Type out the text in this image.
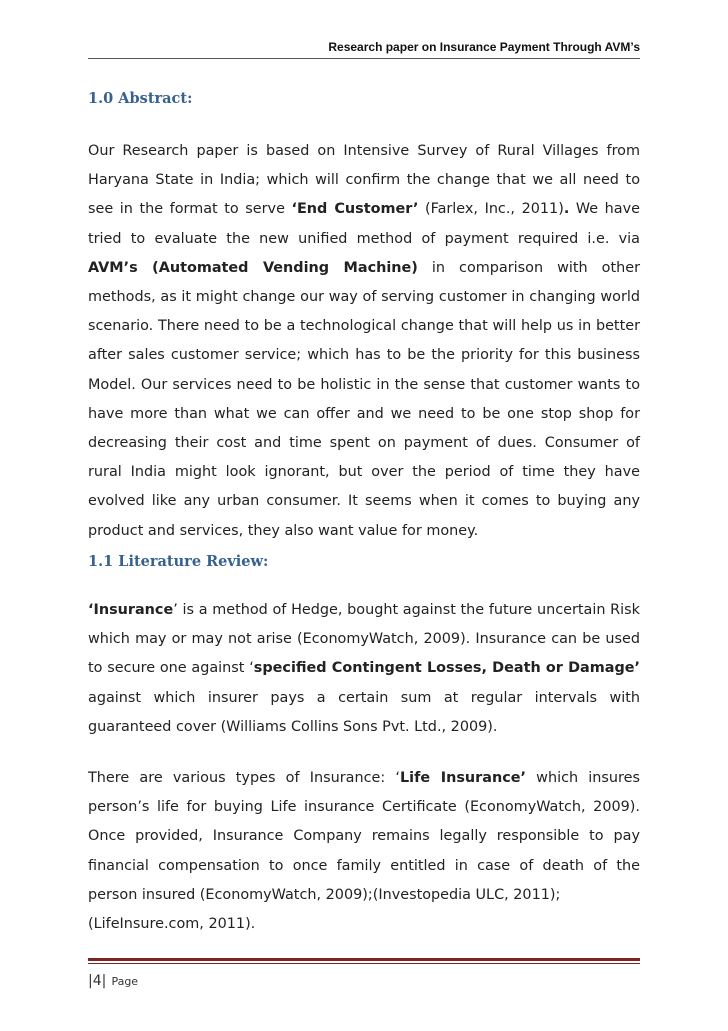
Research paper on Insurance Payment Through AVM’s
1.0 Abstract:

Our Research paper is based on Intensive Survey of Rural Villages from Haryana State in India; which will confirm the change that we all need to see in the format to serve ‘End Customer’ (Farlex, Inc., 2011). We have tried to evaluate the new unified method of payment required i.e. via AVM’s (Automated Vending Machine) in comparison with other methods, as it might change our way of serving customer in changing world scenario. There need to be a technological change that will help us in better after sales customer service; which has to be the priority for this business Model. Our services need to be holistic in the sense that customer wants to have more than what we can offer and we need to be one stop shop for decreasing their cost and time spent on payment of dues. Consumer of rural India might look ignorant, but over the period of time they have evolved like any urban consumer. It seems when it comes to buying any product and services, they also want value for money.

1.1 Literature Review:

‘Insurance’ is a method of Hedge, bought against the future uncertain Risk which may or may not arise (EconomyWatch, 2009). Insurance can be used to secure one against ‘specified Contingent Losses, Death or Damage’ against which insurer pays a certain sum at regular intervals with guaranteed cover (Williams Collins Sons Pvt. Ltd., 2009).

There are various types of Insurance: ‘Life Insurance’ which insures person’s life for buying Life insurance Certificate (EconomyWatch, 2009). Once provided, Insurance Company remains legally responsible to pay financial compensation to once family entitled in case of death of the person insured (EconomyWatch, 2009);(Investopedia ULC, 2011);
(LifeInsure.com, 2011).

|4| Page
